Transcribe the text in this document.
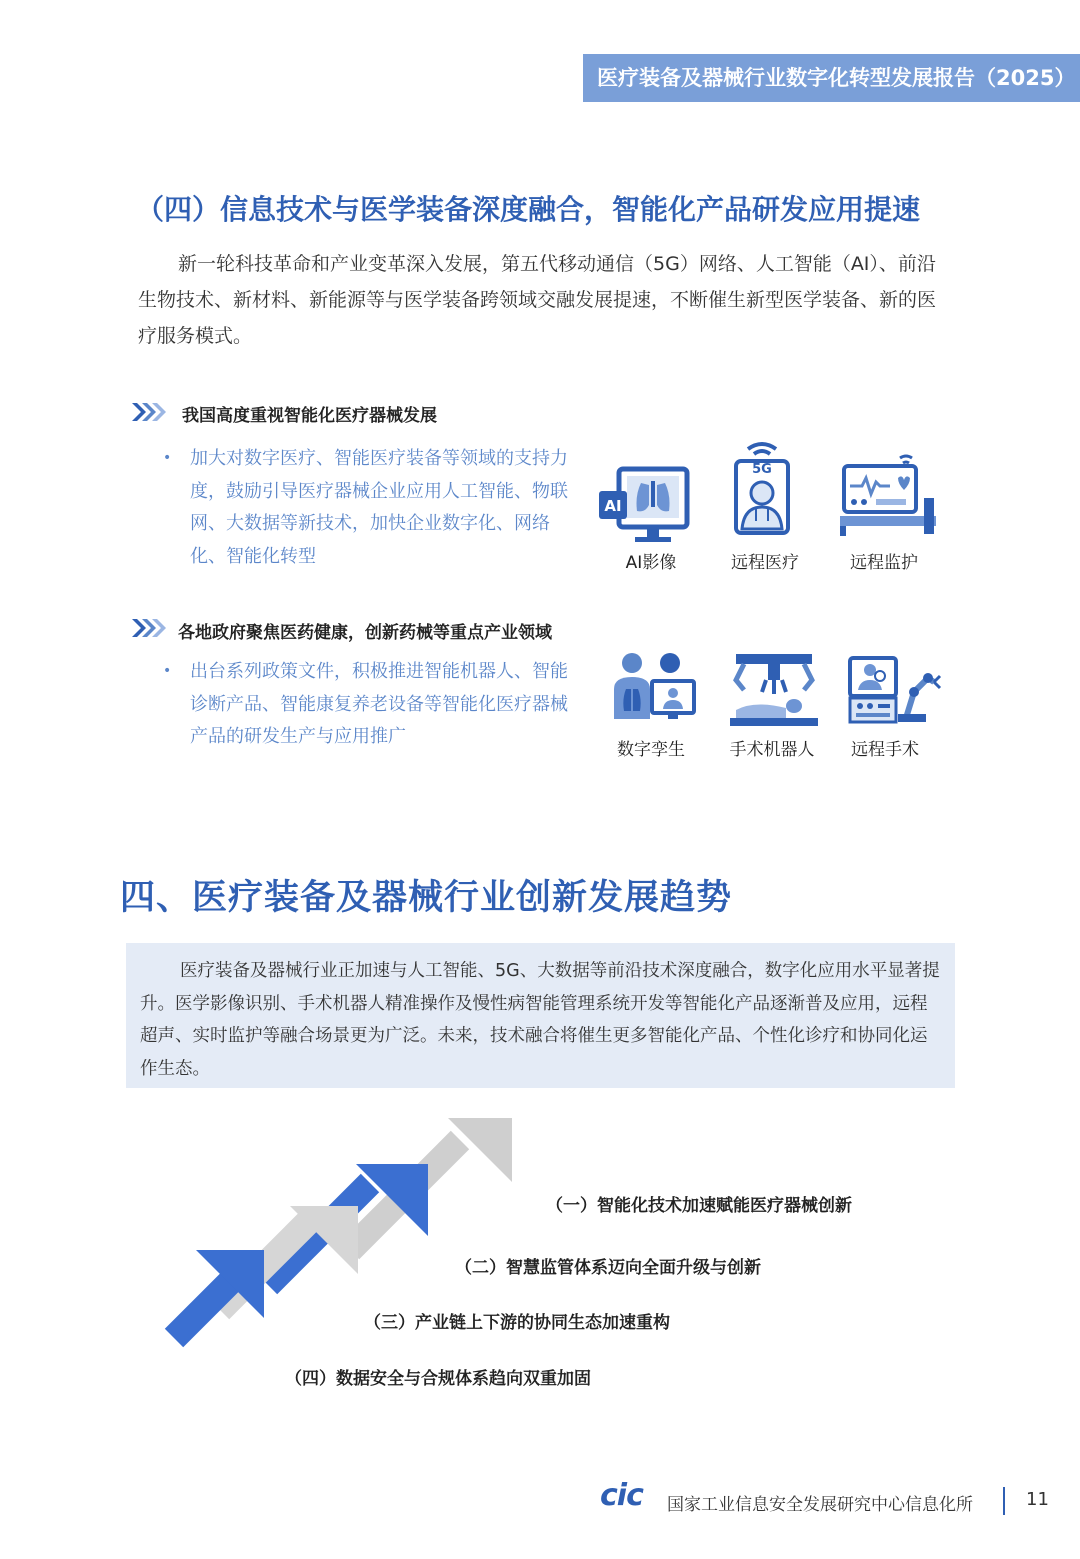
医疗装备及器械行业数字化转型发展报告（2025）
（四）信息技术与医学装备深度融合，智能化产品研发应用提速
新一轮科技革命和产业变革深入发展，第五代移动通信（5G）网络、人工智能（AI）、前沿生物技术、新材料、新能源等与医学装备跨领域交融发展提速，不断催生新型医学装备、新的医疗服务模式。
我国高度重视智能化医疗器械发展
• 加大对数字医疗、智能医疗装备等领域的支持力度，鼓励引导医疗器械企业应用人工智能、物联网、大数据等新技术，加快企业数字化、网络化、智能化转型
AI
AI影像
5G
远程医疗	远程监护
各地政府聚焦医药健康，创新药械等重点产业领域
• 出台系列政策文件，积极推进智能机器人、智能诊断产品、智能康复养老设备等智能化医疗器械产品的研发生产与应用推广
数字孪生	手术机器人	远程手术
四、医疗装备及器械行业创新发展趋势
医疗装备及器械行业正加速与人工智能、5G、大数据等前沿技术深度融合，数字化应用水平显著提升。医学影像识别、手术机器人精准操作及慢性病智能管理系统开发等智能化产品逐渐普及应用，远程超声、实时监护等融合场景更为广泛。未来，技术融合将催生更多智能化产品、个性化诊疗和协同化运作生态。
（一）智能化技术加速赋能医疗器械创新
（二）智慧监管体系迈向全面升级与创新
（三）产业链上下游的协同生态加速重构
（四）数据安全与合规体系趋向双重加固
cic 国家工业信息安全发展研究中心信息化所	11
